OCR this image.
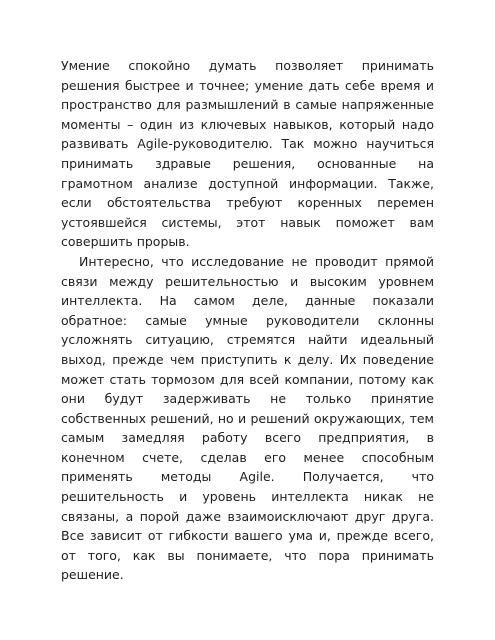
Умение спокойно думать позволяет принимать решения быстрее и точнее; умение дать себе время и пространство для размышлений в самые напряженные моменты – один из ключевых навыков, который надо развивать Agile-руководителю. Так можно научиться принимать здравые решения, основанные на грамотном анализе доступной информации. Также, если обстоятельства требуют коренных перемен устоявшейся системы, этот навык поможет вам совершить прорыв.

Интересно, что исследование не проводит прямой связи между решительностью и высоким уровнем интеллекта. На самом деле, данные показали обратное: самые умные руководители склонны усложнять ситуацию, стремятся найти идеальный выход, прежде чем приступить к делу. Их поведение может стать тормозом для всей компании, потому как они будут задерживать не только принятие собственных решений, но и решений окружающих, тем самым замедляя работу всего предприятия, в конечном счете, сделав его менее способным применять методы Agile. Получается, что решительность и уровень интеллекта никак не связаны, а порой даже взаимоисключают друг друга. Все зависит от гибкости вашего ума и, прежде всего, от того, как вы понимаете, что пора принимать решение.
